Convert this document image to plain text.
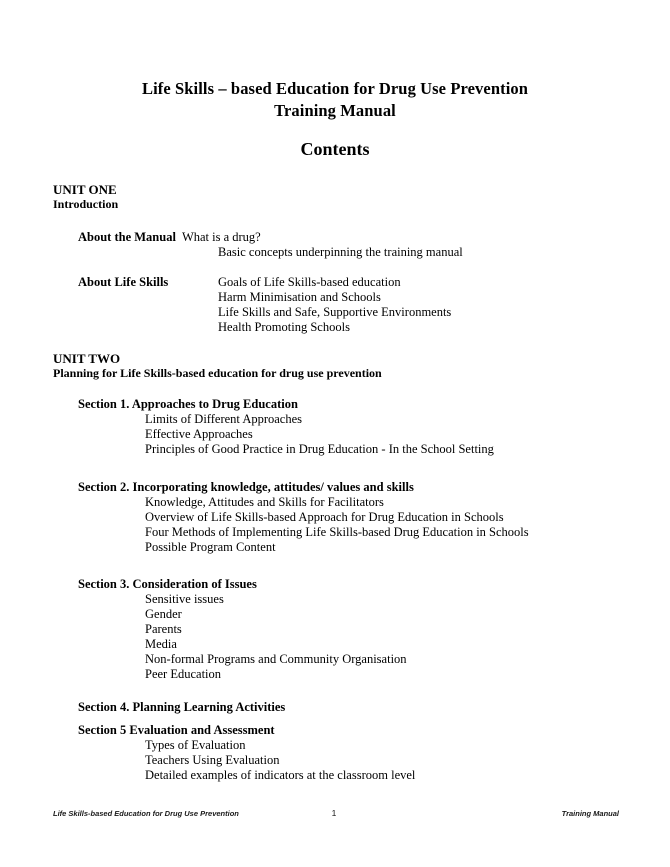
Life Skills – based Education for Drug Use Prevention
Training Manual
Contents
UNIT ONE
Introduction
About the Manual What is a drug?
Basic concepts underpinning the training manual
About Life Skills	Goals of Life Skills-based education
Harm Minimisation and Schools
Life Skills and Safe, Supportive Environments
Health Promoting Schools
UNIT TWO
Planning for Life Skills-based education for drug use prevention
Section 1. Approaches to Drug Education
Limits of Different Approaches
Effective Approaches
Principles of Good Practice in Drug Education - In the School Setting
Section 2. Incorporating knowledge, attitudes/ values and skills
Knowledge, Attitudes and Skills for Facilitators
Overview of Life Skills-based Approach for Drug Education in Schools
Four Methods of Implementing Life Skills-based Drug Education in Schools
Possible Program Content
Section 3. Consideration of Issues
Sensitive issues
Gender
Parents
Media
Non-formal Programs and Community Organisation
Peer Education
Section 4. Planning Learning Activities
Section 5 Evaluation and Assessment
Types of Evaluation
Teachers Using Evaluation
Detailed examples of indicators at the classroom level
Life Skills-based Education for Drug Use Prevention	1	Training Manual
